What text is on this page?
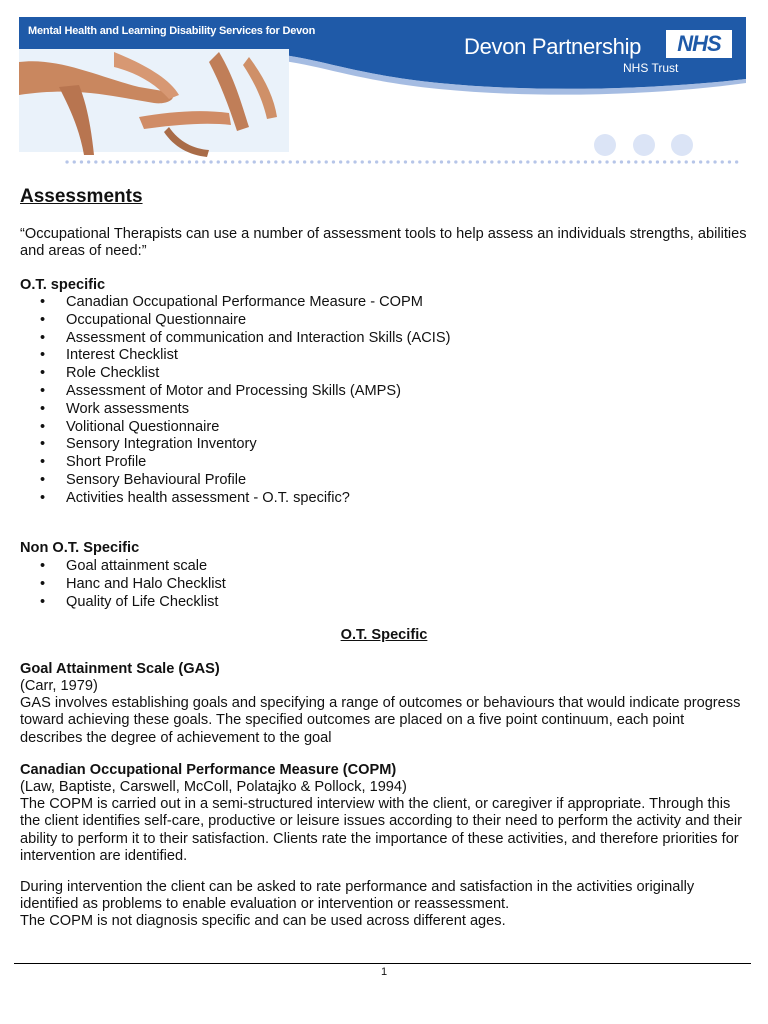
Mental Health and Learning Disability Services for Devon
Devon Partnership	NHS
NHS Trust
Assessments

“Occupational Therapists can use a number of assessment tools to help assess an individuals strengths, abilities and areas of need:”

O.T. specific

• Canadian Occupational Performance Measure - COPM
• Occupational Questionnaire
• Assessment of communication and Interaction Skills (ACIS)
• Interest Checklist
• Role Checklist
• Assessment of Motor and Processing Skills (AMPS)
• Work assessments
• Volitional Questionnaire
• Sensory Integration Inventory
• Short Profile
• Sensory Behavioural Profile
• Activities health assessment - O.T. specific?

Non O.T. Specific

• Goal attainment scale
• Hanc and Halo Checklist
• Quality of Life Checklist

O.T. Specific

Goal Attainment Scale (GAS)

(Carr, 1979)

GAS involves establishing goals and specifying a range of outcomes or behaviours that would indicate progress toward achieving these goals. The specified outcomes are placed on a five point continuum, each point describes the degree of achievement to the goal

Canadian Occupational Performance Measure (COPM)

(Law, Baptiste, Carswell, McColl, Polatajko & Pollock, 1994)

The COPM is carried out in a semi-structured interview with the client, or caregiver if appropriate. Through this the client identifies self-care, productive or leisure issues according to their need to perform the activity and their ability to perform it to their satisfaction. Clients rate the importance of these activities, and therefore priorities for intervention are identified.

During intervention the client can be asked to rate performance and satisfaction in the activities originally identified as problems to enable evaluation or intervention or reassessment.

The COPM is not diagnosis specific and can be used across different ages.

1
